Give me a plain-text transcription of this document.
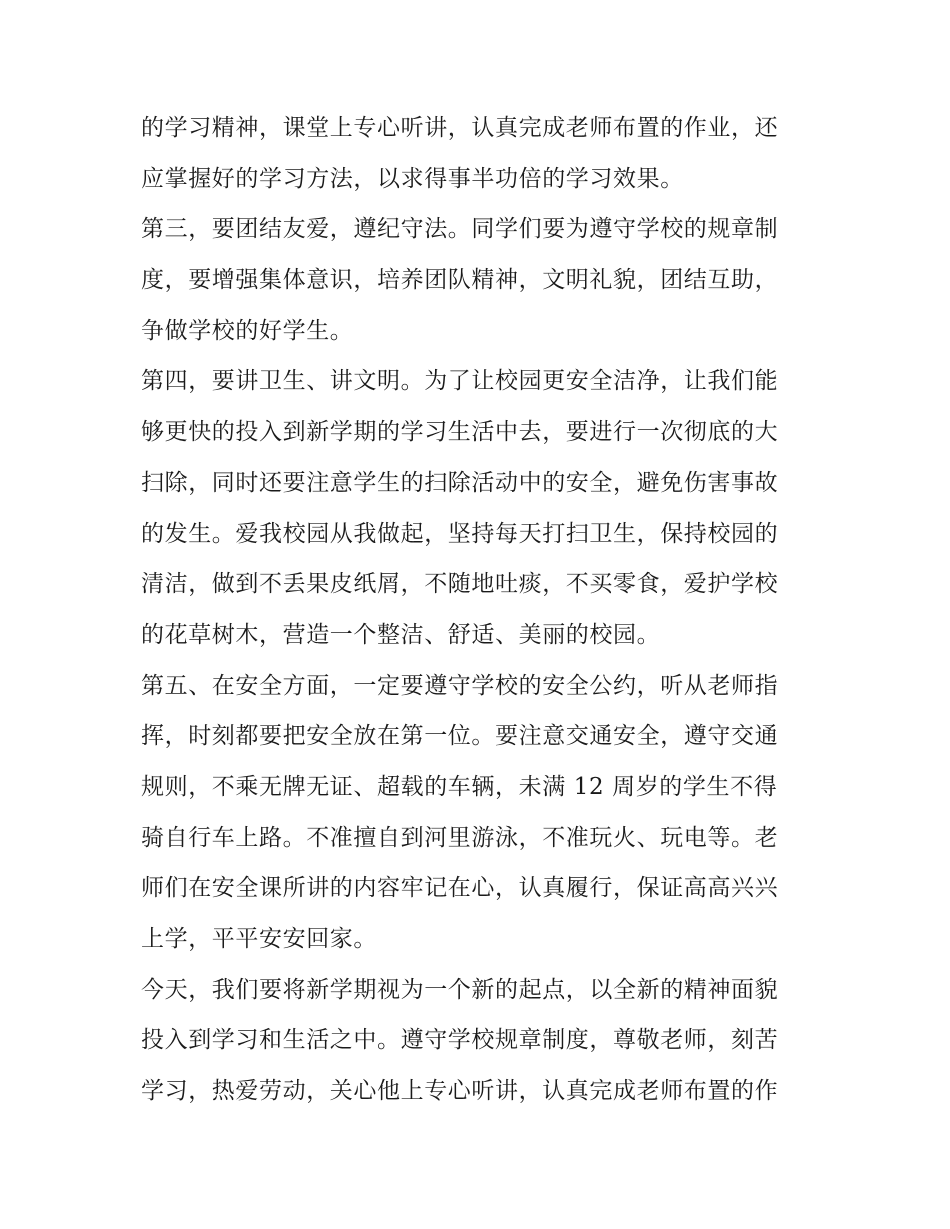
的学习精神，课堂上专心听讲，认真完成老师布置的作业，还
应掌握好的学习方法，以求得事半功倍的学习效果。
第三，要团结友爱，遵纪守法。同学们要为遵守学校的规章制
度，要增强集体意识，培养团队精神，文明礼貌，团结互助，
争做学校的好学生。
第四，要讲卫生、讲文明。为了让校园更安全洁净，让我们能
够更快的投入到新学期的学习生活中去，要进行一次彻底的大
扫除，同时还要注意学生的扫除活动中的安全，避免伤害事故
的发生。爱我校园从我做起，坚持每天打扫卫生，保持校园的
清洁，做到不丢果皮纸屑，不随地吐痰，不买零食，爱护学校
的花草树木，营造一个整洁、舒适、美丽的校园。
第五、在安全方面，一定要遵守学校的安全公约，听从老师指
挥，时刻都要把安全放在第一位。要注意交通安全，遵守交通
规则，不乘无牌无证、超载的车辆，未满 12 周岁的学生不得
骑自行车上路。不准擅自到河里游泳，不准玩火、玩电等。老
师们在安全课所讲的内容牢记在心，认真履行，保证高高兴兴
上学，平平安安回家。
今天，我们要将新学期视为一个新的起点，以全新的精神面貌
投入到学习和生活之中。遵守学校规章制度，尊敬老师，刻苦
学习，热爱劳动，关心他上专心听讲，认真完成老师布置的作
